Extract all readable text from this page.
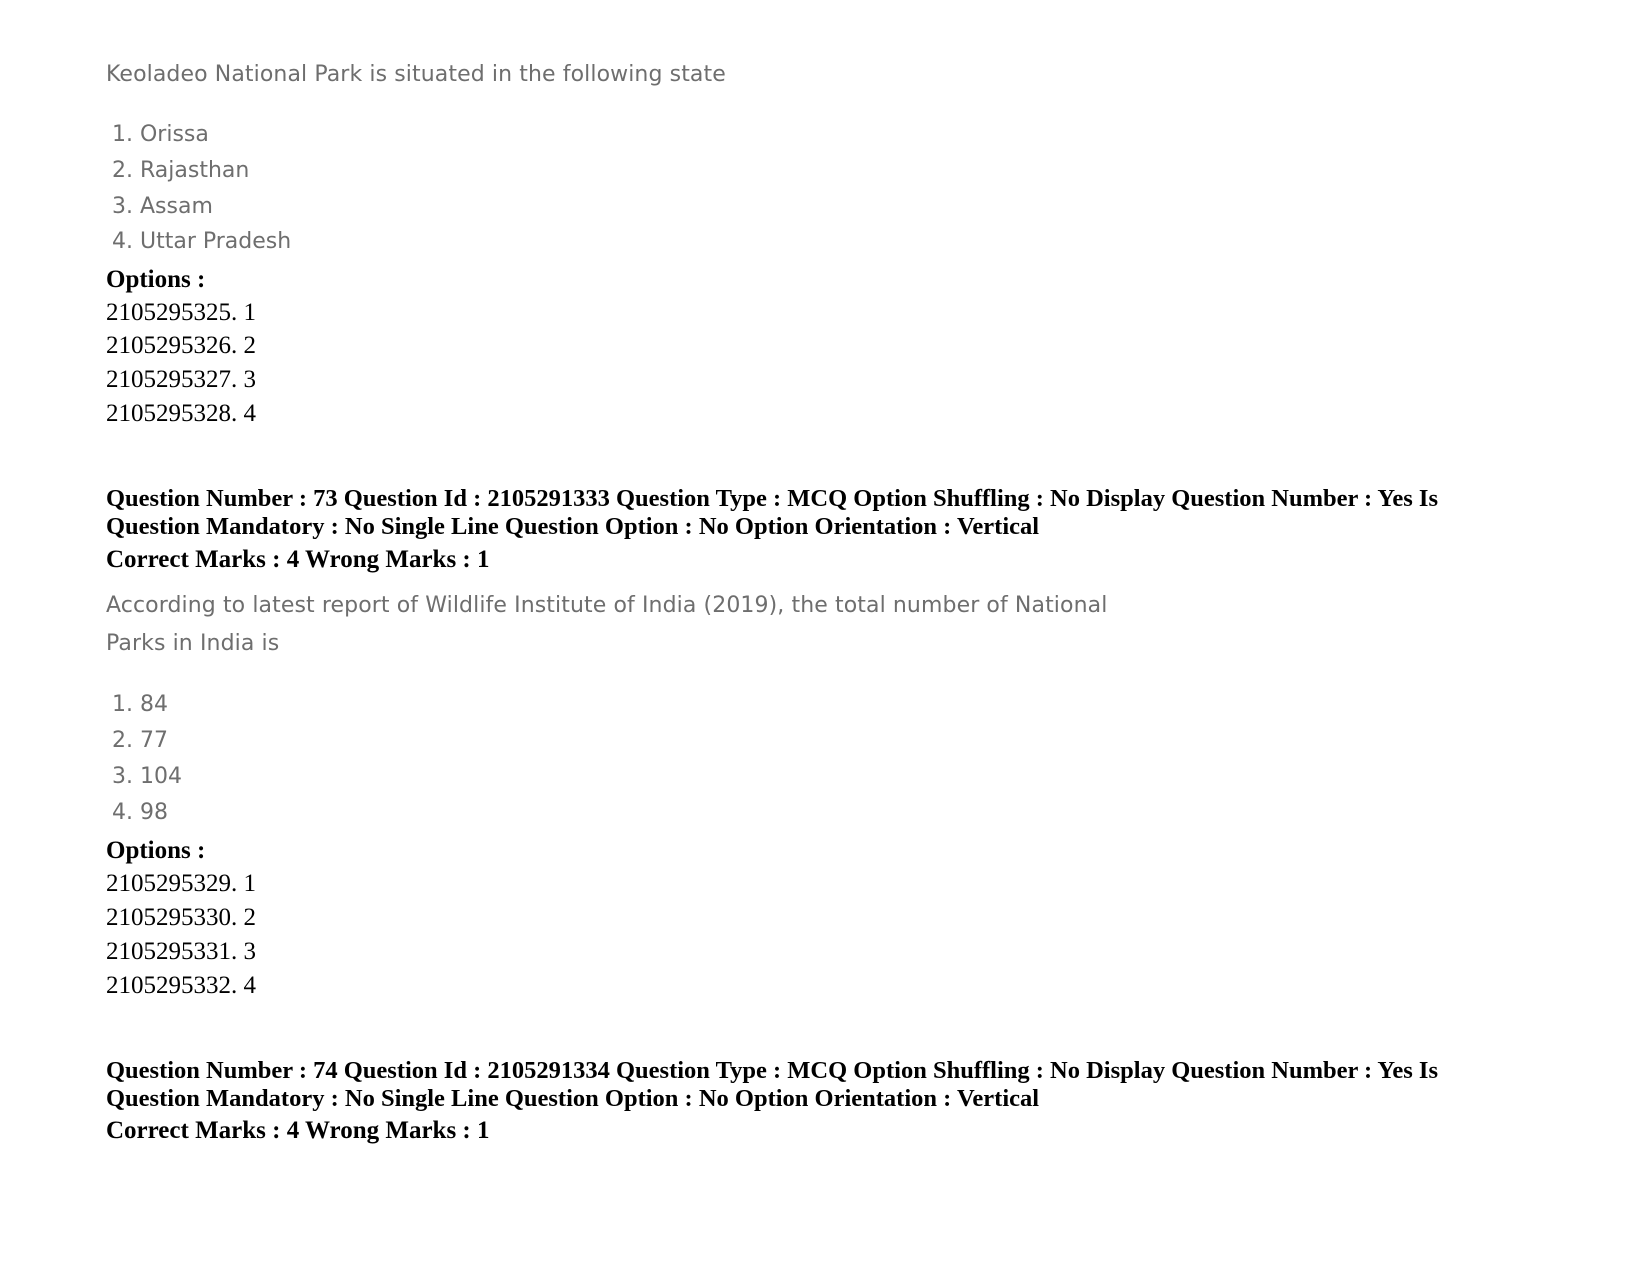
Keoladeo National Park is situated in the following state
1. Orissa
2. Rajasthan
3. Assam
4. Uttar Pradesh
Options :
2105295325. 1
2105295326. 2
2105295327. 3
2105295328. 4
Question Number : 73 Question Id : 2105291333 Question Type : MCQ Option Shuffling : No Display Question Number : Yes Is
Question Mandatory : No Single Line Question Option : No Option Orientation : Vertical
Correct Marks : 4 Wrong Marks : 1
According to latest report of Wildlife Institute of India (2019), the total number of National
Parks in India is
1. 84
2. 77
3. 104
4. 98
Options :
2105295329. 1
2105295330. 2
2105295331. 3
2105295332. 4
Question Number : 74 Question Id : 2105291334 Question Type : MCQ Option Shuffling : No Display Question Number : Yes Is
Question Mandatory : No Single Line Question Option : No Option Orientation : Vertical
Correct Marks : 4 Wrong Marks : 1
